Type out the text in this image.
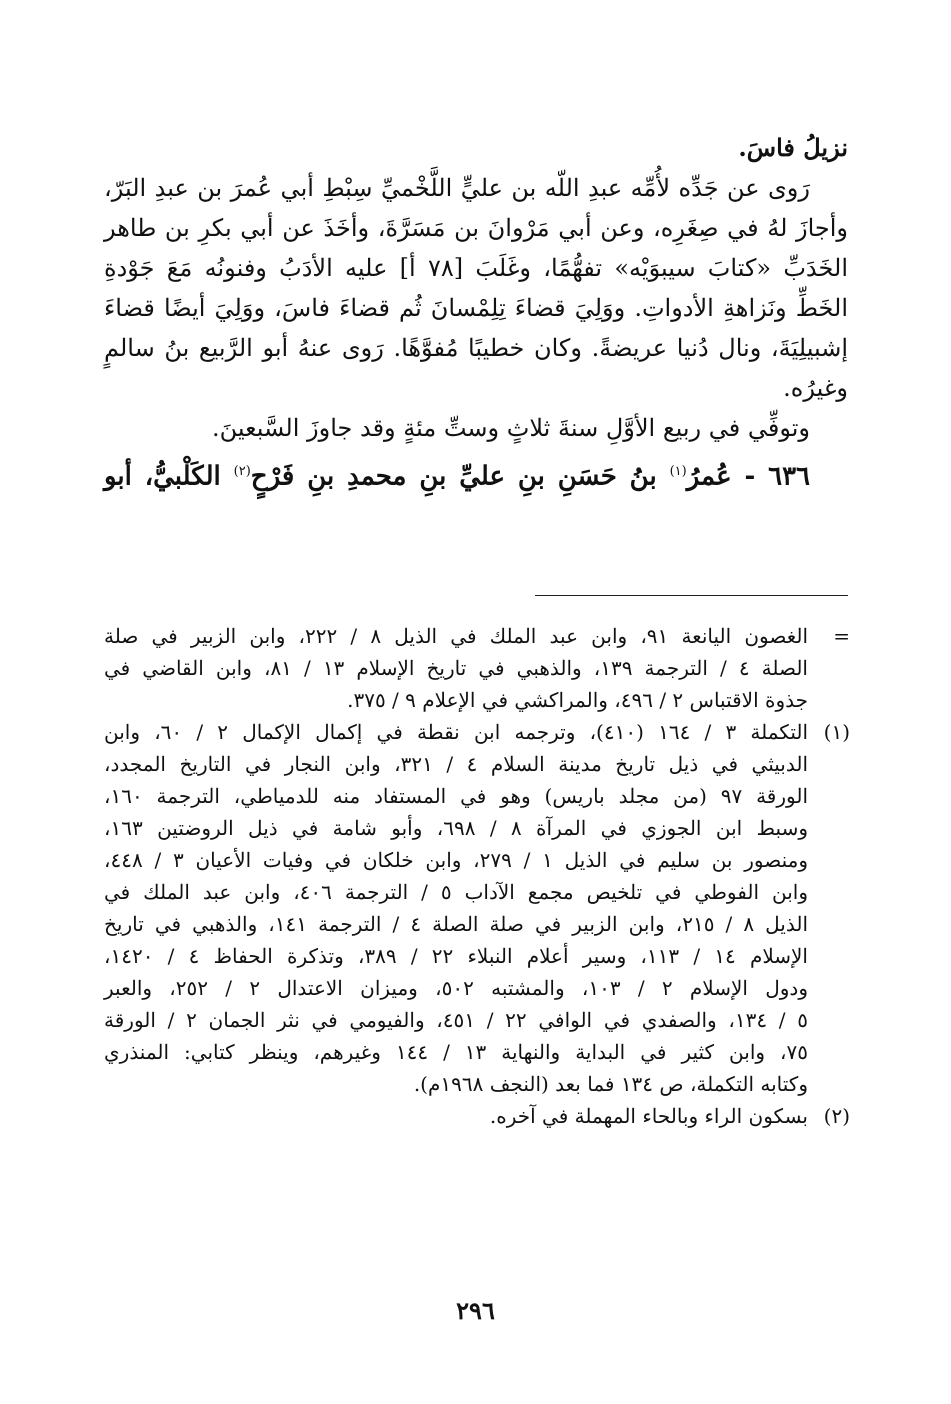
نزيلُ فاسَ.
رَوى عن جَدِّه لأُمِّه عبدِ اللّه بن عليٍّ اللَّخْميِّ سِبْطِ أبي عُمرَ بن عبدِ البَرّ،
وأجازَ لهُ في صِغَرِه، وعن أبي مَرْوانَ بن مَسَرَّةَ، وأخَذَ عن أبي بكرِ بن طاهر
الخَدَبِّ «كتابَ سيبوَيْه» تفهُّمًا، وغَلَبَ [٧٨ أ] عليه الأدَبُ وفنونُه مَعَ جَوْدةِ
الخَطِّ ونَزاهةِ الأدواتِ. ووَلِيَ قضاءَ تِلِمْسانَ ثُم قضاءَ فاسَ، ووَلِيَ أيضًا قضاءَ
إشبيلِيَةَ، ونال دُنيا عريضةً. وكان خطيبًا مُفوَّهًا. رَوى عنهُ أبو الرَّبيع بنُ سالمٍ
وغيرُه.
وتوفِّي في ربيع الأوَّلِ سنةَ ثلاثٍ وستِّ مئةٍ وقد جاوزَ السَّبعينَ.
٦٣٦ - عُمرُ$^{(١)}$ بنُ حَسَنِ بنِ عليِّ بنِ محمدِ بنِ فَرْحٍ$^{(٢)}$ الكَلْبيُّ، أبو
=
الغصون اليانعة ٩١، وابن عبد الملك في الذيل ٨ / ٢٢٢، وابن الزبير في صلة
الصلة ٤ / الترجمة ١٣٩، والذهبي في تاريخ الإسلام ١٣ / ٨١، وابن القاضي في
جذوة الاقتباس ٢ / ٤٩٦، والمراكشي في الإعلام ٩ / ٣٧٥.
(١)
التكملة ٣ / ١٦٤ (٤١٠)، وترجمه ابن نقطة في إكمال الإكمال ٢ / ٦٠، وابن
الدبيثي في ذيل تاريخ مدينة السلام ٤ / ٣٢١، وابن النجار في التاريخ المجدد،
الورقة ٩٧ (من مجلد باريس) وهو في المستفاد منه للدمياطي، الترجمة ١٦٠،
وسبط ابن الجوزي في المرآة ٨ / ٦٩٨، وأبو شامة في ذيل الروضتين ١٦٣،
ومنصور بن سليم في الذيل ١ / ٢٧٩، وابن خلكان في وفيات الأعيان ٣ / ٤٤٨،
وابن الفوطي في تلخيص مجمع الآداب ٥ / الترجمة ٤٠٦، وابن عبد الملك في
الذيل ٨ / ٢١٥، وابن الزبير في صلة الصلة ٤ / الترجمة ١٤١، والذهبي في تاريخ
الإسلام ١٤ / ١١٣، وسير أعلام النبلاء ٢٢ / ٣٨٩، وتذكرة الحفاظ ٤ / ١٤٢٠،
ودول الإسلام ٢ / ١٠٣، والمشتبه ٥٠٢، وميزان الاعتدال ٢ / ٢٥٢، والعبر
٥ / ١٣٤، والصفدي في الوافي ٢٢ / ٤٥١، والفيومي في نثر الجمان ٢ / الورقة
٧٥، وابن كثير في البداية والنهاية ١٣ / ١٤٤ وغيرهم، وينظر كتابي: المنذري
وكتابه التكملة، ص ١٣٤ فما بعد (النجف ١٩٦٨م).
(٢)
بسكون الراء وبالحاء المهملة في آخره.
٢٩٦
